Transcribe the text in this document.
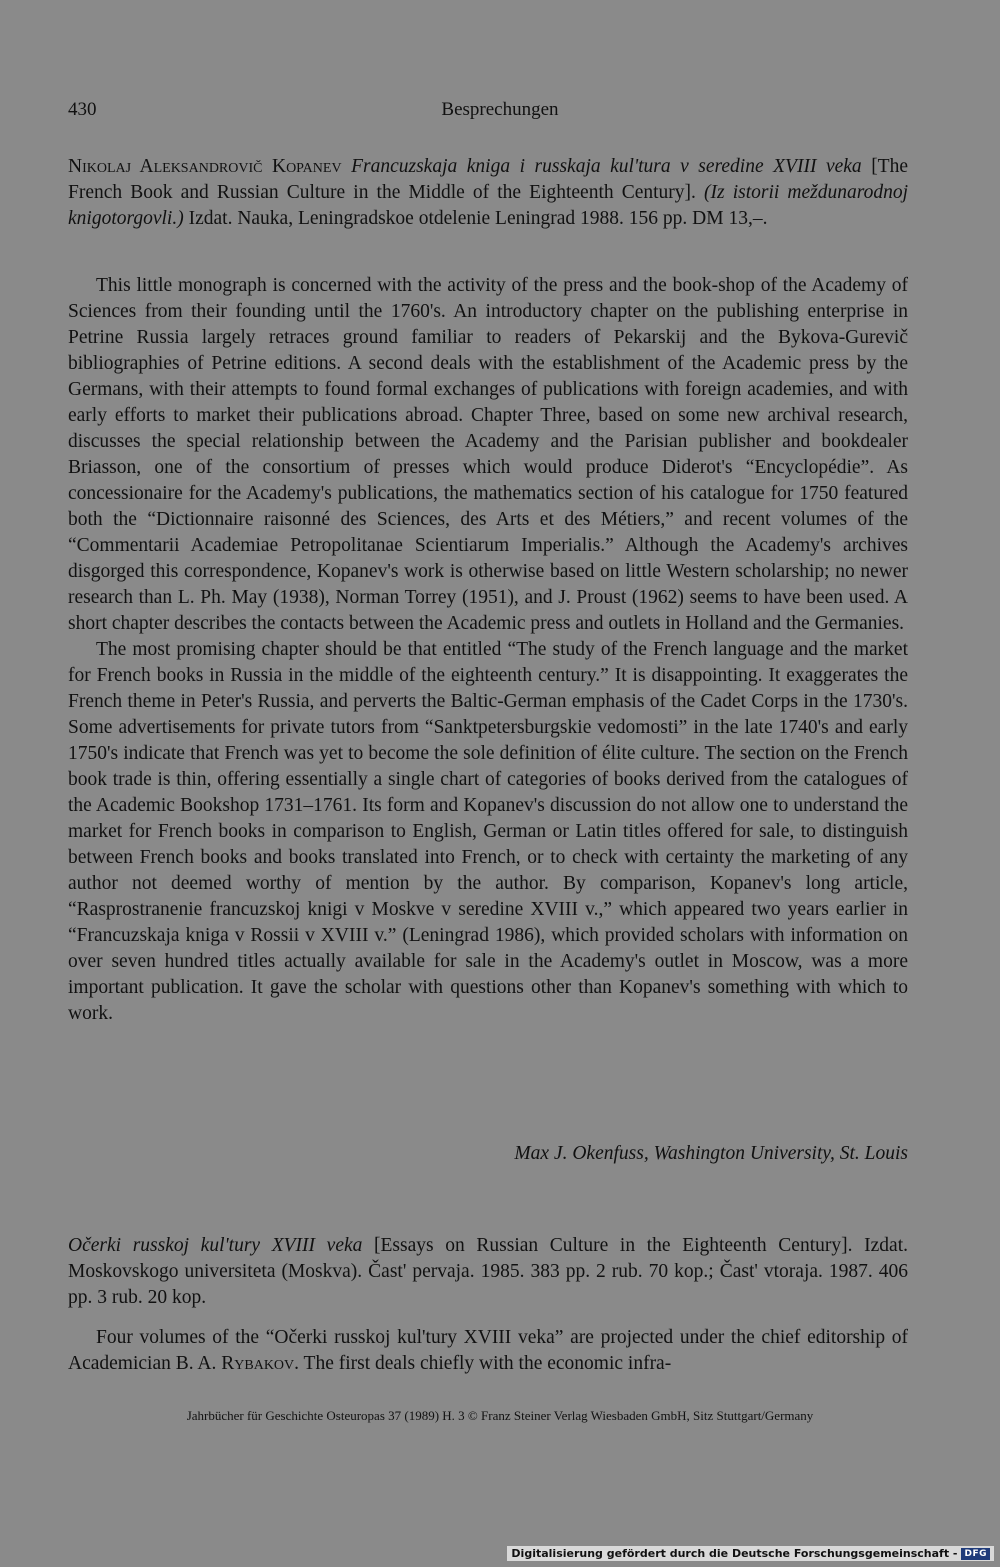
430	Besprechungen
Nikolaj Aleksandrovič Kopanev Francuzskaja kniga i russkaja kul'tura v seredine XVIII veka [The French Book and Russian Culture in the Middle of the Eighteenth Century]. (Iz istorii meždunarodnoj knigotorgovli.) Izdat. Nauka, Leningradskoe otdelenie Leningrad 1988. 156 pp. DM 13,–.

This little monograph is concerned with the activity of the press and the book-shop of the Academy of Sciences from their founding until the 1760's. An introductory chapter on the publishing enterprise in Petrine Russia largely retraces ground familiar to readers of Pekarskij and the Bykova-Gurevič bibliographies of Petrine editions. A second deals with the establishment of the Academic press by the Germans, with their attempts to found formal exchanges of publications with foreign academies, and with early efforts to market their publications abroad. Chapter Three, based on some new archival research, discusses the special relationship between the Academy and the Parisian publisher and bookdealer Briasson, one of the consortium of presses which would produce Diderot's “Encyclopédie”. As concessionaire for the Academy's publications, the mathematics section of his catalogue for 1750 featured both the “Dictionnaire raisonné des Sciences, des Arts et des Métiers,” and recent volumes of the “Commentarii Academiae Petropolitanae Scientiarum Imperialis.” Although the Academy's archives disgorged this correspondence, Kopanev's work is otherwise based on little Western scholarship; no newer research than L. Ph. May (1938), Norman Torrey (1951), and J. Proust (1962) seems to have been used. A short chapter describes the contacts between the Academic press and outlets in Holland and the Germanies.

The most promising chapter should be that entitled “The study of the French language and the market for French books in Russia in the middle of the eighteenth century.” It is disappointing. It exaggerates the French theme in Peter's Russia, and perverts the Baltic-German emphasis of the Cadet Corps in the 1730's. Some advertisements for private tutors from “Sanktpetersburgskie vedomosti” in the late 1740's and early 1750's indicate that French was yet to become the sole definition of élite culture. The section on the French book trade is thin, offering essentially a single chart of categories of books derived from the catalogues of the Academic Bookshop 1731–1761. Its form and Kopanev's discussion do not allow one to understand the market for French books in comparison to English, German or Latin titles offered for sale, to distinguish between French books and books translated into French, or to check with certainty the marketing of any author not deemed worthy of mention by the author. By comparison, Kopanev's long article, “Rasprostranenie francuzskoj knigi v Moskve v seredine XVIII v.,” which appeared two years earlier in “Francuzskaja kniga v Rossii v XVIII v.” (Leningrad 1986), which provided scholars with information on over seven hundred titles actually available for sale in the Academy's outlet in Moscow, was a more important publication. It gave the scholar with questions other than Kopanev's something with which to work.

Max J. Okenfuss, Washington University, St. Louis
Očerki russkoj kul'tury XVIII veka [Essays on Russian Culture in the Eighteenth Century]. Izdat. Moskovskogo universiteta (Moskva). Čast' pervaja. 1985. 383 pp. 2 rub. 70 kop.; Čast' vtoraja. 1987. 406 pp. 3 rub. 20 kop.

Four volumes of the “Očerki russkoj kul'tury XVIII veka” are projected under the chief editorship of Academician B. A. Rybakov. The first deals chiefly with the economic infra-

Jahrbücher für Geschichte Osteuropas 37 (1989) H. 3 © Franz Steiner Verlag Wiesbaden GmbH, Sitz Stuttgart/Germany
Digitalisierung gefördert durch die Deutsche Forschungsgemeinschaft - DFG
